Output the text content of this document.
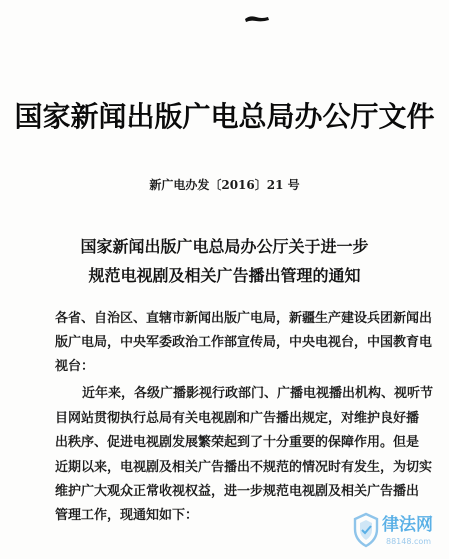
国家新闻出版广电总局办公厅文件
新广电办发〔2016〕21 号
国家新闻出版广电总局办公厅关于进一步
规范电视剧及相关广告播出管理的通知
各省、自治区、直辖市新闻出版广电局，新疆生产建设兵团新闻出
版广电局，中央军委政治工作部宣传局，中央电视台，中国教育电
视台：
近年来，各级广播影视行政部门、广播电视播出机构、视听节
目网站贯彻执行总局有关电视剧和广告播出规定，对维护良好播
出秩序、促进电视剧发展繁荣起到了十分重要的保障作用。但是
近期以来，电视剧及相关广告播出不规范的情况时有发生，为切实
维护广大观众正常收视权益，进一步规范电视剧及相关广告播出
管理工作，现通知如下：	律法网
88148.com
